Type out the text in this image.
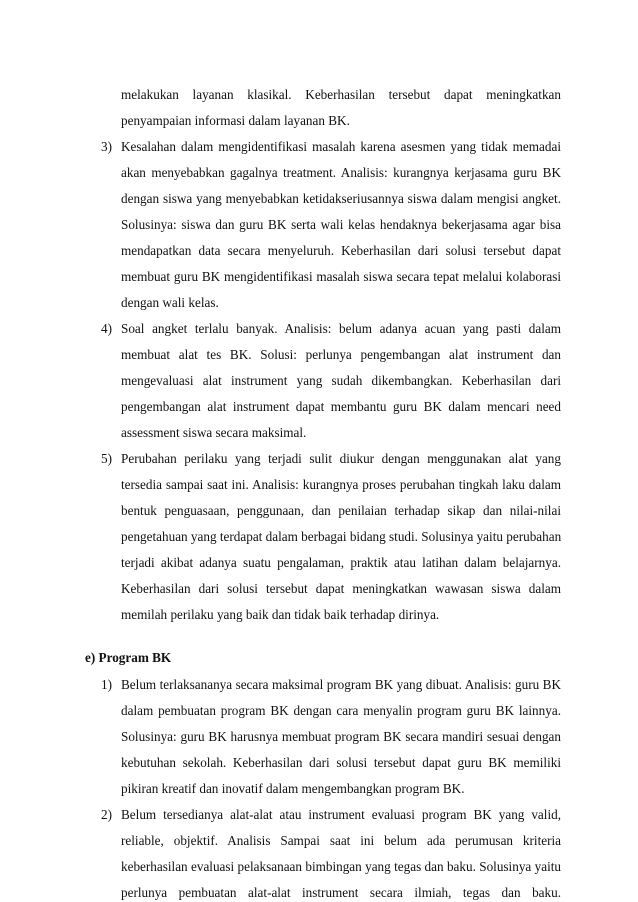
melakukan layanan klasikal. Keberhasilan tersebut dapat meningkatkan
penyampaian informasi dalam layanan BK.
3) Kesalahan dalam mengidentifikasi masalah karena asesmen yang tidak memadai
akan menyebabkan gagalnya treatment. Analisis: kurangnya kerjasama guru BK
dengan siswa yang menyebabkan ketidakseriusannya siswa dalam mengisi angket.
Solusinya: siswa dan guru BK serta wali kelas hendaknya bekerjasama agar bisa
mendapatkan data secara menyeluruh. Keberhasilan dari solusi tersebut dapat
membuat guru BK mengidentifikasi masalah siswa secara tepat melalui kolaborasi
dengan wali kelas.
4) Soal angket terlalu banyak. Analisis: belum adanya acuan yang pasti dalam
membuat alat tes BK. Solusi: perlunya pengembangan alat instrument dan
mengevaluasi alat instrument yang sudah dikembangkan. Keberhasilan dari
pengembangan alat instrument dapat membantu guru BK dalam mencari need
assessment siswa secara maksimal.
5) Perubahan perilaku yang terjadi sulit diukur dengan menggunakan alat yang
tersedia sampai saat ini. Analisis: kurangnya proses perubahan tingkah laku dalam
bentuk penguasaan, penggunaan, dan penilaian terhadap sikap dan nilai-nilai
pengetahuan yang terdapat dalam berbagai bidang studi. Solusinya yaitu perubahan
terjadi akibat adanya suatu pengalaman, praktik atau latihan dalam belajarnya.
Keberhasilan dari solusi tersebut dapat meningkatkan wawasan siswa dalam
memilah perilaku yang baik dan tidak baik terhadap dirinya.
e) Program BK
1) Belum terlaksananya secara maksimal program BK yang dibuat. Analisis: guru BK
dalam pembuatan program BK dengan cara menyalin program guru BK lainnya.
Solusinya: guru BK harusnya membuat program BK secara mandiri sesuai dengan
kebutuhan sekolah. Keberhasilan dari solusi tersebut dapat guru BK memiliki
pikiran kreatif dan inovatif dalam mengembangkan program BK.
2) Belum tersedianya alat-alat atau instrument evaluasi program BK yang valid,
reliable, objektif. Analisis Sampai saat ini belum ada perumusan kriteria
keberhasilan evaluasi pelaksanaan bimbingan yang tegas dan baku. Solusinya yaitu
perlunya pembuatan alat-alat instrument secara ilmiah, tegas dan baku.
